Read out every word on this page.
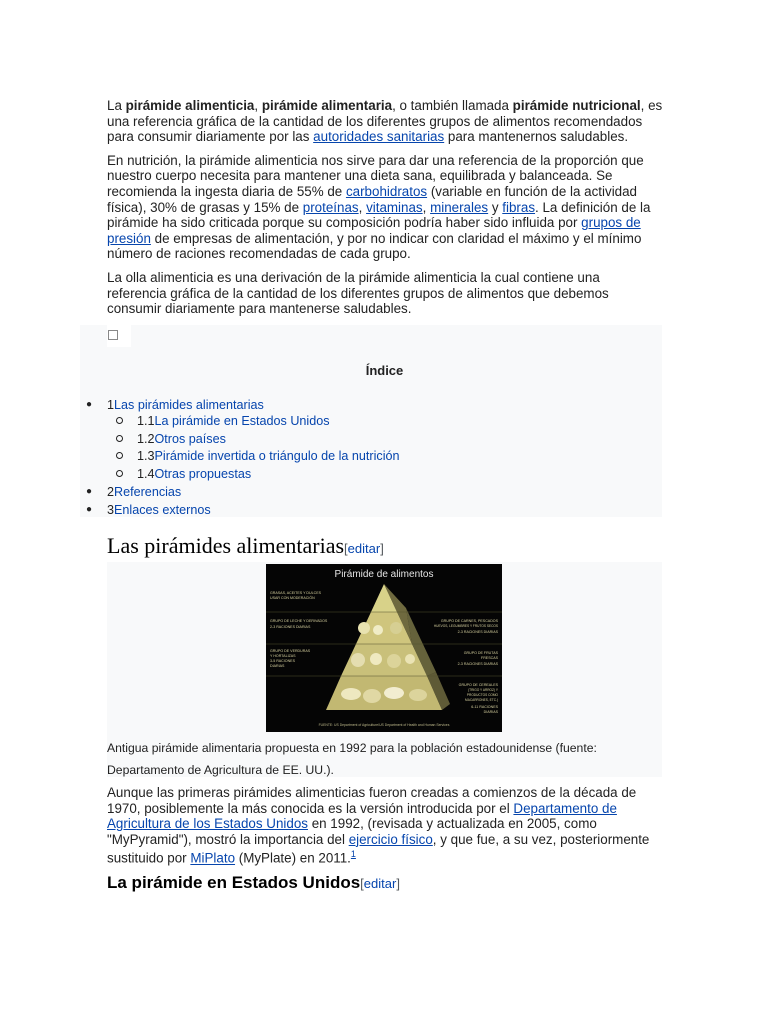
La pirámide alimenticia, pirámide alimentaria, o también llamada pirámide nutricional, es una referencia gráfica de la cantidad de los diferentes grupos de alimentos recomendados para consumir diariamente por las autoridades sanitarias para mantenernos saludables.

En nutrición, la pirámide alimenticia nos sirve para dar una referencia de la proporción que nuestro cuerpo necesita para mantener una dieta sana, equilibrada y balanceada. Se recomienda la ingesta diaria de 55% de carbohidratos (variable en función de la actividad física), 30% de grasas y 15% de proteínas, vitaminas, minerales y fibras. La definición de la pirámide ha sido criticada porque su composición podría haber sido influida por grupos de presión de empresas de alimentación, y por no indicar con claridad el máximo y el mínimo número de raciones recomendadas de cada grupo.

La olla alimenticia es una derivación de la pirámide alimenticia la cual contiene una referencia gráfica de la cantidad de los diferentes grupos de alimentos que debemos consumir diariamente para mantenerse saludables.

Índice
● 1Las pirámides alimentarias
1.1La pirámide en Estados Unidos
1.2Otros países
1.3Pirámide invertida o triángulo de la nutrición
1.4Otras propuestas
● 2Referencias
● 3Enlaces externos
Las pirámides alimentarias[editar]
Pirámide de alimentos
GRASAS, ACEITES Y DULCES
USAR CON MODERACIÓN
GRUPO DE LECHE Y DERIVADOS
2-3 RACIONES DIARIAS
GRUPO DE VERDURAS
Y HORTALIZAS
3-5 RACIONES
DIARIAS
GRUPO DE CARNES, PESCADOS
HUEVOS, LEGUMBRES Y FRUTOS SECOS
2-3 RACIONES DIARIAS
GRUPO DE FRUTAS
FRESCAS
2-3 RACIONES DIARIAS
GRUPO DE CEREALES
(TRIGO Y ARROZ) Y
PRODUCTOS COMO
MACARRONES, ETC.)
6-11 RACIONES
DIARIAS
FUENTE: US Department of Agriculture/US Department of Health and Human Services
Antigua pirámide alimentaria propuesta en 1992 para la población estadounidense (fuente: Departamento de Agricultura de EE. UU.).

Aunque las primeras pirámides alimenticias fueron creadas a comienzos de la década de 1970, posiblemente la más conocida es la versión introducida por el Departamento de Agricultura de los Estados Unidos en 1992, (revisada y actualizada en 2005, como "MyPyramid"), mostró la importancia del ejercicio físico, y que fue, a su vez, posteriormente sustituido por MiPlato (MyPlate) en 2011.$^1$

La pirámide en Estados Unidos[editar]
